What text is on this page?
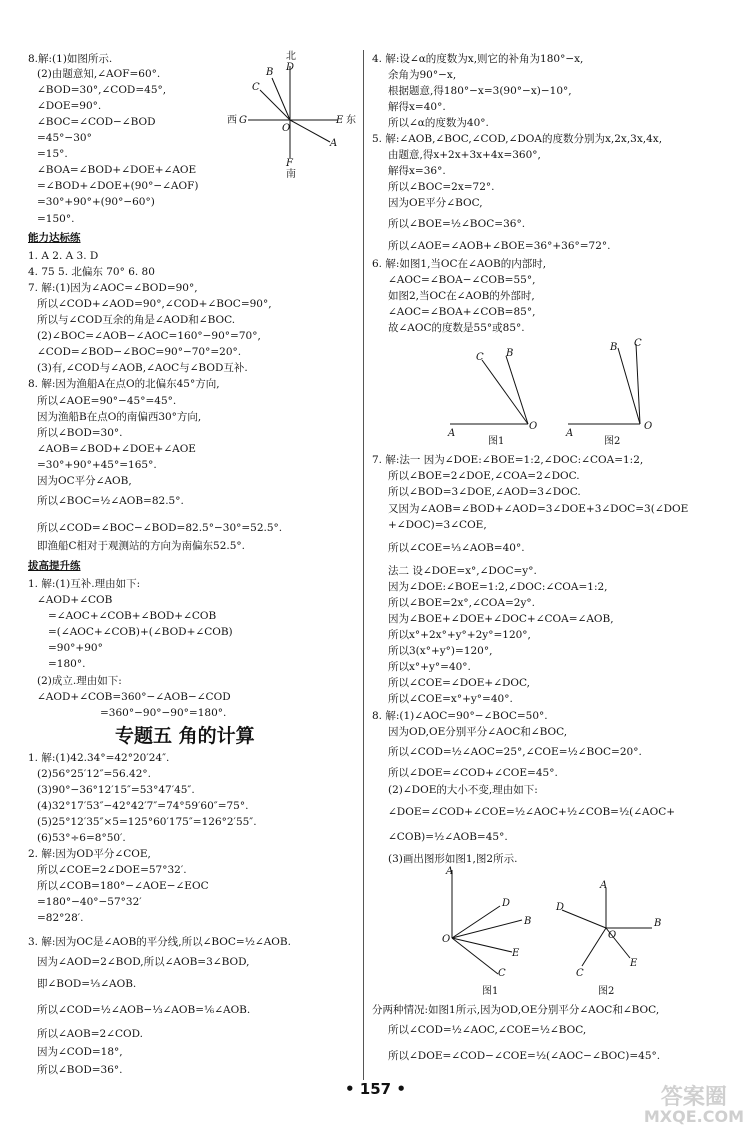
8.解:(1)如图所示.
(2)由题意知,∠AOF=60°.
∠BOD=30°,∠COD=45°,
∠DOE=90°.
∠BOC=∠COD−∠BOD
=45°−30°
=15°.
∠BOA=∠BOD+∠DOE+∠AOE
=∠BOD+∠DOE+(90°−∠AOF)
=30°+90°+(90°−60°)
=150°.
能力达标练
1. A 2. A 3. D
4. 75 5. 北偏东 70° 6. 80
7. 解:(1)因为∠AOC=∠BOD=90°,
所以∠COD+∠AOD=90°,∠COD+∠BOC=90°,
所以与∠COD互余的角是∠AOD和∠BOC.
(2)∠BOC=∠AOB−∠AOC=160°−90°=70°,
∠COD=∠BOD−∠BOC=90°−70°=20°.
(3)有,∠COD与∠AOB,∠AOC与∠BOD互补.
8. 解:因为渔船A在点O的北偏东45°方向,
所以∠AOE=90°−45°=45°.
因为渔船B在点O的南偏西30°方向,
所以∠BOD=30°.
∠AOB=∠BOD+∠DOE+∠AOE
=30°+90°+45°=165°.
因为OC平分∠AOB,
所以∠BOC=½∠AOB=82.5°.
所以∠COD=∠BOC−∠BOD=82.5°−30°=52.5°.
即渔船C相对于观测站的方向为南偏东52.5°.
拔高提升练
1. 解:(1)互补.理由如下:
∠AOD+∠COB
=∠AOC+∠COB+∠BOD+∠COB
=(∠AOC+∠COB)+(∠BOD+∠COB)
=90°+90°
=180°.
(2)成立.理由如下:
∠AOD+∠COB=360°−∠AOB−∠COD
=360°−90°−90°=180°.
专题五 角的计算
1. 解:(1)42.34°=42°20′24″.
(2)56°25′12″=56.42°.
(3)90°−36°12′15″=53°47′45″.
(4)32°17′53″−42°42′7″=74°59′60″=75°.
(5)25°12′35″×5=125°60′175″=126°2′55″.
(6)53°÷6=8°50′.
2. 解:因为OD平分∠COE,
所以∠COE=2∠DOE=57°32′.
所以∠COB=180°−∠AOE−∠EOC
=180°−40°−57°32′
=82°28′.
3. 解:因为OC是∠AOB的平分线,所以∠BOC=½∠AOB.
因为∠AOD=2∠BOD,所以∠AOB=3∠BOD,
即∠BOD=⅓∠AOB.
所以∠COD=½∠AOB−⅓∠AOB=⅙∠AOB.
所以∠AOB=2∠COD.
因为∠COD=18°,
所以∠BOD=36°.
北
D
B
C
西 G
O
E 东
A
F
南
4. 解:设∠α的度数为x,则它的补角为180°−x,
余角为90°−x,
根据题意,得180°−x=3(90°−x)−10°,
解得x=40°.
所以∠α的度数为40°.
5. 解:∠AOB,∠BOC,∠COD,∠DOA的度数分别为x,2x,3x,4x,
由题意,得x+2x+3x+4x=360°,
解得x=36°.
所以∠BOC=2x=72°.
因为OE平分∠BOC,
所以∠BOE=½∠BOC=36°.
所以∠AOE=∠AOB+∠BOE=36°+36°=72°.
6. 解:如图1,当OC在∠AOB的内部时,
∠AOC=∠BOA−∠COB=55°,
如图2,当OC在∠AOB的外部时,
∠AOC=∠BOA+∠COB=85°,
故∠AOC的度数是55°或85°.
A
C B
O
图1
A
B C
O
图2
7. 解:法一 因为∠DOE:∠BOE=1:2,∠DOC:∠COA=1:2,
所以∠BOE=2∠DOE,∠COA=2∠DOC.
所以∠BOD=3∠DOE,∠AOD=3∠DOC.
又因为∠AOB=∠BOD+∠AOD=3∠DOE+3∠DOC=3(∠DOE
+∠DOC)=3∠COE,
所以∠COE=⅓∠AOB=40°.
法二 设∠DOE=x°,∠DOC=y°.
因为∠DOE:∠BOE=1:2,∠DOC:∠COA=1:2,
所以∠BOE=2x°,∠COA=2y°.
因为∠BOE+∠DOE+∠DOC+∠COA=∠AOB,
所以x°+2x°+y°+2y°=120°,
所以3(x°+y°)=120°,
所以x°+y°=40°.
所以∠COE=∠DOE+∠DOC,
所以∠COE=x°+y°=40°.
8. 解:(1)∠AOC=90°−∠BOC=50°.
因为OD,OE分别平分∠AOC和∠BOC,
所以∠COD=½∠AOC=25°,∠COE=½∠BOC=20°.
所以∠DOE=∠COD+∠COE=45°.
(2)∠DOE的大小不变,理由如下:
∠DOE=∠COD+∠COE=½∠AOC+½∠COB=½(∠AOC+
∠COB)=½∠AOB=45°.
(3)画出图形如图1,图2所示.
A
D
B
E
C
O
图1
A
D
B
O
C
E
图2
分两种情况:如图1所示,因为OD,OE分别平分∠AOC和∠BOC,
所以∠COD=½∠AOC,∠COE=½∠BOC,
所以∠DOE=∠COD−∠COE=½(∠AOC−∠BOC)=45°.
• 157 •	答案圈
MXQE.COM
